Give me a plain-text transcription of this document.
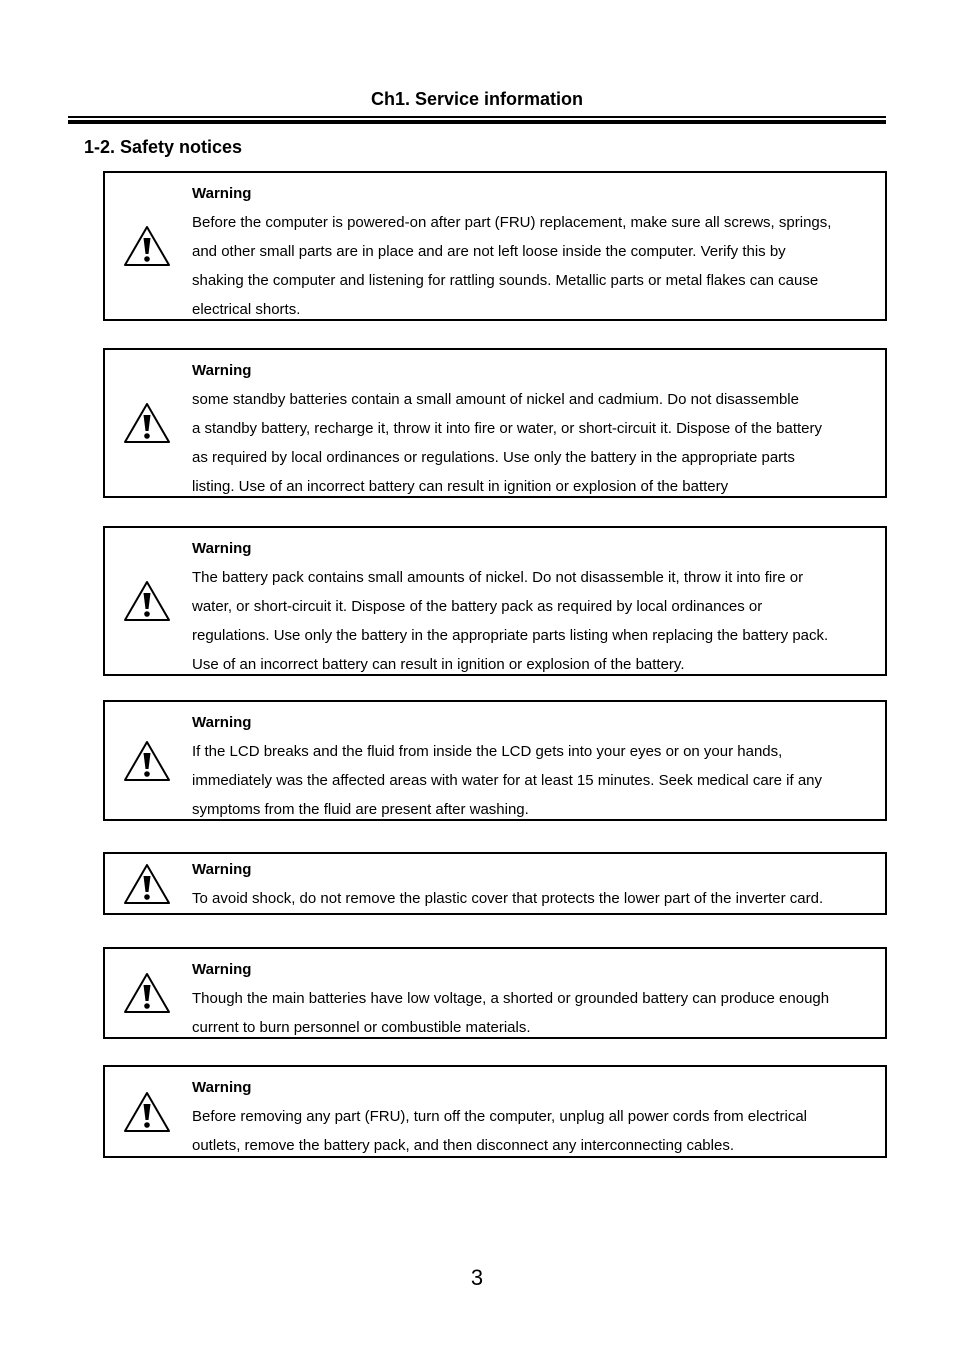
Ch1. Service information
1-2. Safety notices
Warning
Before the computer is powered-on after part (FRU) replacement, make sure all screws, springs,
and other small parts are in place and are not left loose inside the computer. Verify this by
shaking the computer and listening for rattling sounds. Metallic parts or metal flakes can cause
electrical shorts.
Warning
some standby batteries contain a small amount of nickel and cadmium. Do not disassemble
a standby battery, recharge it, throw it into fire or water, or short-circuit it. Dispose of the battery
as required by local ordinances or regulations. Use only the battery in the appropriate parts
listing. Use of an incorrect battery can result in ignition or explosion of the battery
Warning
The battery pack contains small amounts of nickel. Do not disassemble it, throw it into fire or
water, or short-circuit it. Dispose of the battery pack as required by local ordinances or
regulations. Use only the battery in the appropriate parts listing when replacing the battery pack.
Use of an incorrect battery can result in ignition or explosion of the battery.
Warning
If the LCD breaks and the fluid from inside the LCD gets into your eyes or on your hands,
immediately was the affected areas with water for at least 15 minutes. Seek medical care if any
symptoms from the fluid are present after washing.
Warning
To avoid shock, do not remove the plastic cover that protects the lower part of the inverter card.
Warning
Though the main batteries have low voltage, a shorted or grounded battery can produce enough
current to burn personnel or combustible materials.
Warning
Before removing any part (FRU), turn off the computer, unplug all power cords from electrical
outlets, remove the battery pack, and then disconnect any interconnecting cables.
3
